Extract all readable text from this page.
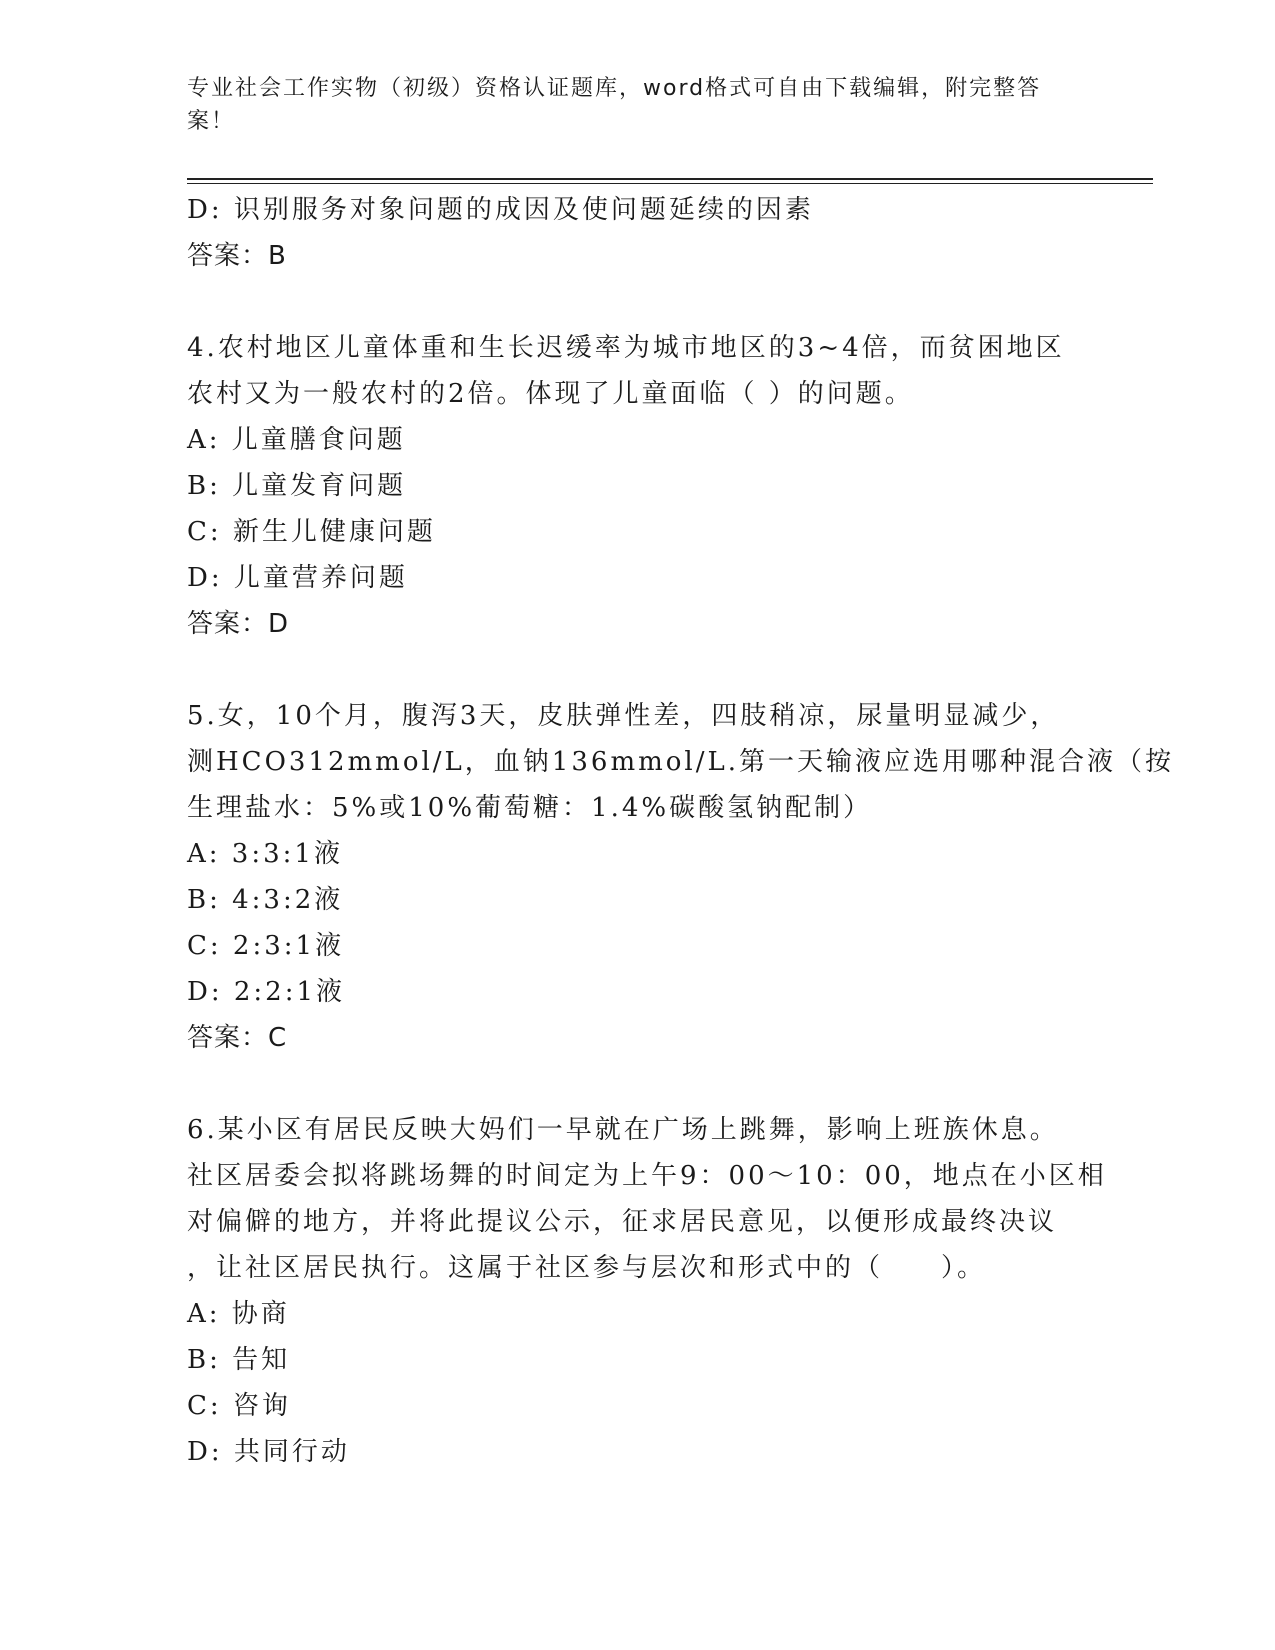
专业社会工作实物（初级）资格认证题库，word格式可自由下载编辑，附完整答案！
D: 识别服务对象问题的成因及使问题延续的因素
答案：B
4.农村地区儿童体重和生长迟缓率为城市地区的3~4倍，而贫困地区
农村又为一般农村的2倍。体现了儿童面临（ ）的问题。
A: 儿童膳食问题
B: 儿童发育问题
C: 新生儿健康问题
D: 儿童营养问题
答案：D
5.女，10个月，腹泻3天，皮肤弹性差，四肢稍凉，尿量明显减少，
测HCO312mmol/L，血钠136mmol/L.第一天输液应选用哪种混合液（按
生理盐水：5%或10%葡萄糖：1.4%碳酸氢钠配制）
A: 3:3:1液
B: 4:3:2液
C: 2:3:1液
D: 2:2:1液
答案：C
6.某小区有居民反映大妈们一早就在广场上跳舞，影响上班族休息。
社区居委会拟将跳场舞的时间定为上午9：00～10：00，地点在小区相
对偏僻的地方，并将此提议公示，征求居民意见，以便形成最终决议
，让社区居民执行。这属于社区参与层次和形式中的（　　）。
A: 协商
B: 告知
C: 咨询
D: 共同行动
